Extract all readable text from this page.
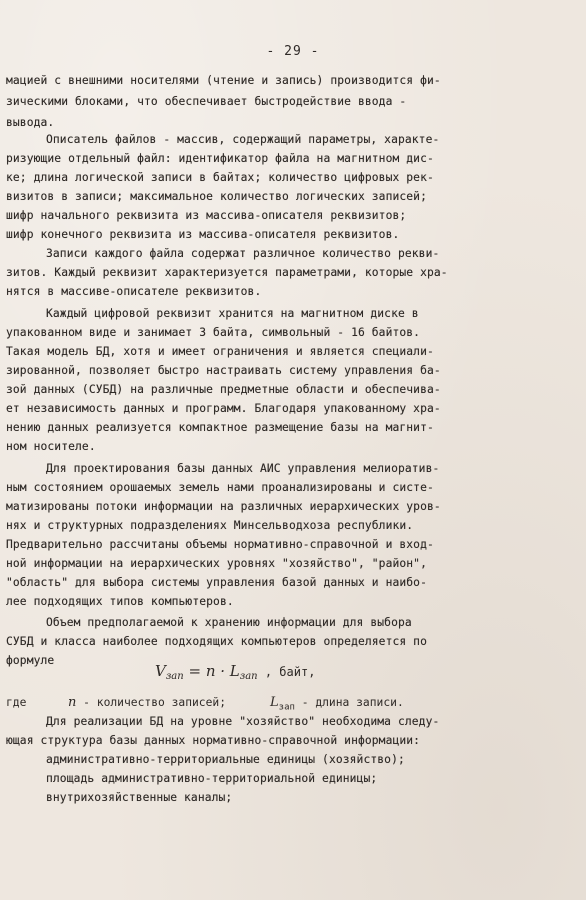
- 29 -
мацией с внешними носителями (чтение и запись) производится фи-
зическими блоками, что обеспечивает быстродействие ввода -
вывода.
Описатель файлов - массив, содержащий параметры, характе-
ризующие отдельный файл: идентификатор файла на магнитном дис-
ке; длина логической записи в байтах; количество цифровых рек-
визитов в записи; максимальное количество логических записей;
шифр начального реквизита из массива-описателя реквизитов;
шифр конечного реквизита из массива-описателя реквизитов.
Записи каждого файла содержат различное количество рекви-
зитов. Каждый реквизит характеризуется параметрами, которые хра-
нятся в массиве-описателе реквизитов.
Каждый цифровой реквизит хранится на магнитном диске в
упакованном виде и занимает 3 байта, символьный - 16 байтов.
Такая модель БД, хотя и имеет ограничения и является специали-
зированной, позволяет быстро настраивать систему управления ба-
зой данных (СУБД) на различные предметные области и обеспечива-
ет независимость данных и программ. Благодаря упакованному хра-
нению данных реализуется компактное размещение базы на магнит-
ном носителе.
Для проектирования базы данных АИС управления мелиоратив-
ным состоянием орошаемых земель нами проанализированы и систе-
матизированы потоки информации на различных иерархических уров-
нях и структурных подразделениях Минсельводхоза республики.
Предварительно рассчитаны объемы нормативно-справочной и вход-
ной информации на иерархических уровнях "хозяйство", "район",
"область" для выбора системы управления базой данных и наибо-
лее подходящих типов компьютеров.
Объем предполагаемой к хранению информации для выбора
СУБД и класса наиболее подходящих компьютеров определяется по
формуле
Для реализации БД на уровне "хозяйство" необходима следу-
ющая структура базы данных нормативно-справочной информации:
административно-территориальные единицы (хозяйство);
площадь административно-территориальной единицы;
внутрихозяйственные каналы;
$V_{зап} = n \cdot L_{зап}$ , байт,
где	n - количество записей;	$L_{зап}$ - длина записи.
